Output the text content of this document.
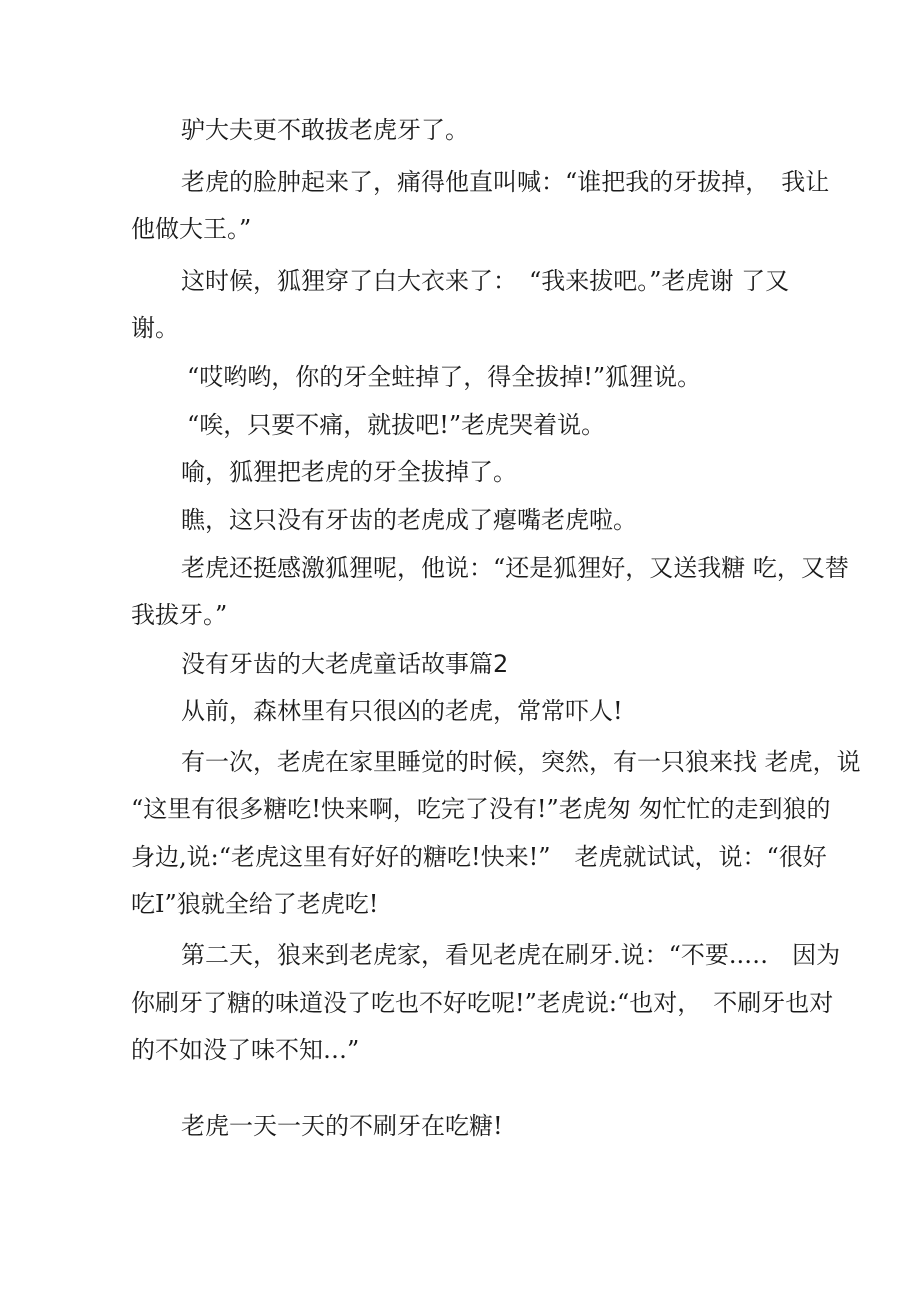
驴大夫更不敢拔老虎牙了。

老虎的脸肿起来了，痛得他直叫喊：“谁把我的牙拔掉，　我让

他做大王。”

这时候，狐狸穿了白大衣来了：　“我来拔吧。”老虎谢 了又

谢。

“哎哟哟，你的牙全蛀掉了，得全拔掉!”狐狸说。

“唉，只要不痛，就拔吧!”老虎哭着说。

喻，狐狸把老虎的牙全拔掉了。

瞧，这只没有牙齿的老虎成了瘪嘴老虎啦。

老虎还挺感激狐狸呢，他说：“还是狐狸好，又送我糖 吃，又替

我拔牙。”

没有牙齿的大老虎童话故事篇2

从前，森林里有只很凶的老虎，常常吓人!

有一次，老虎在家里睡觉的时候，突然，有一只狼来找 老虎，说

“这里有很多糖吃!快来啊，吃完了没有!”老虎匆 匆忙忙的走到狼的

身边,说:“老虎这里有好好的糖吃!快来!”　老虎就试试，说：“很好

吃I”狼就全给了老虎吃!

第二天，狼来到老虎家，看见老虎在刷牙.说：“不要..…　因为

你刷牙了糖的味道没了吃也不好吃呢!”老虎说:“也对，　不刷牙也对

的不如没了味不知…”

老虎一天一天的不刷牙在吃糖!
